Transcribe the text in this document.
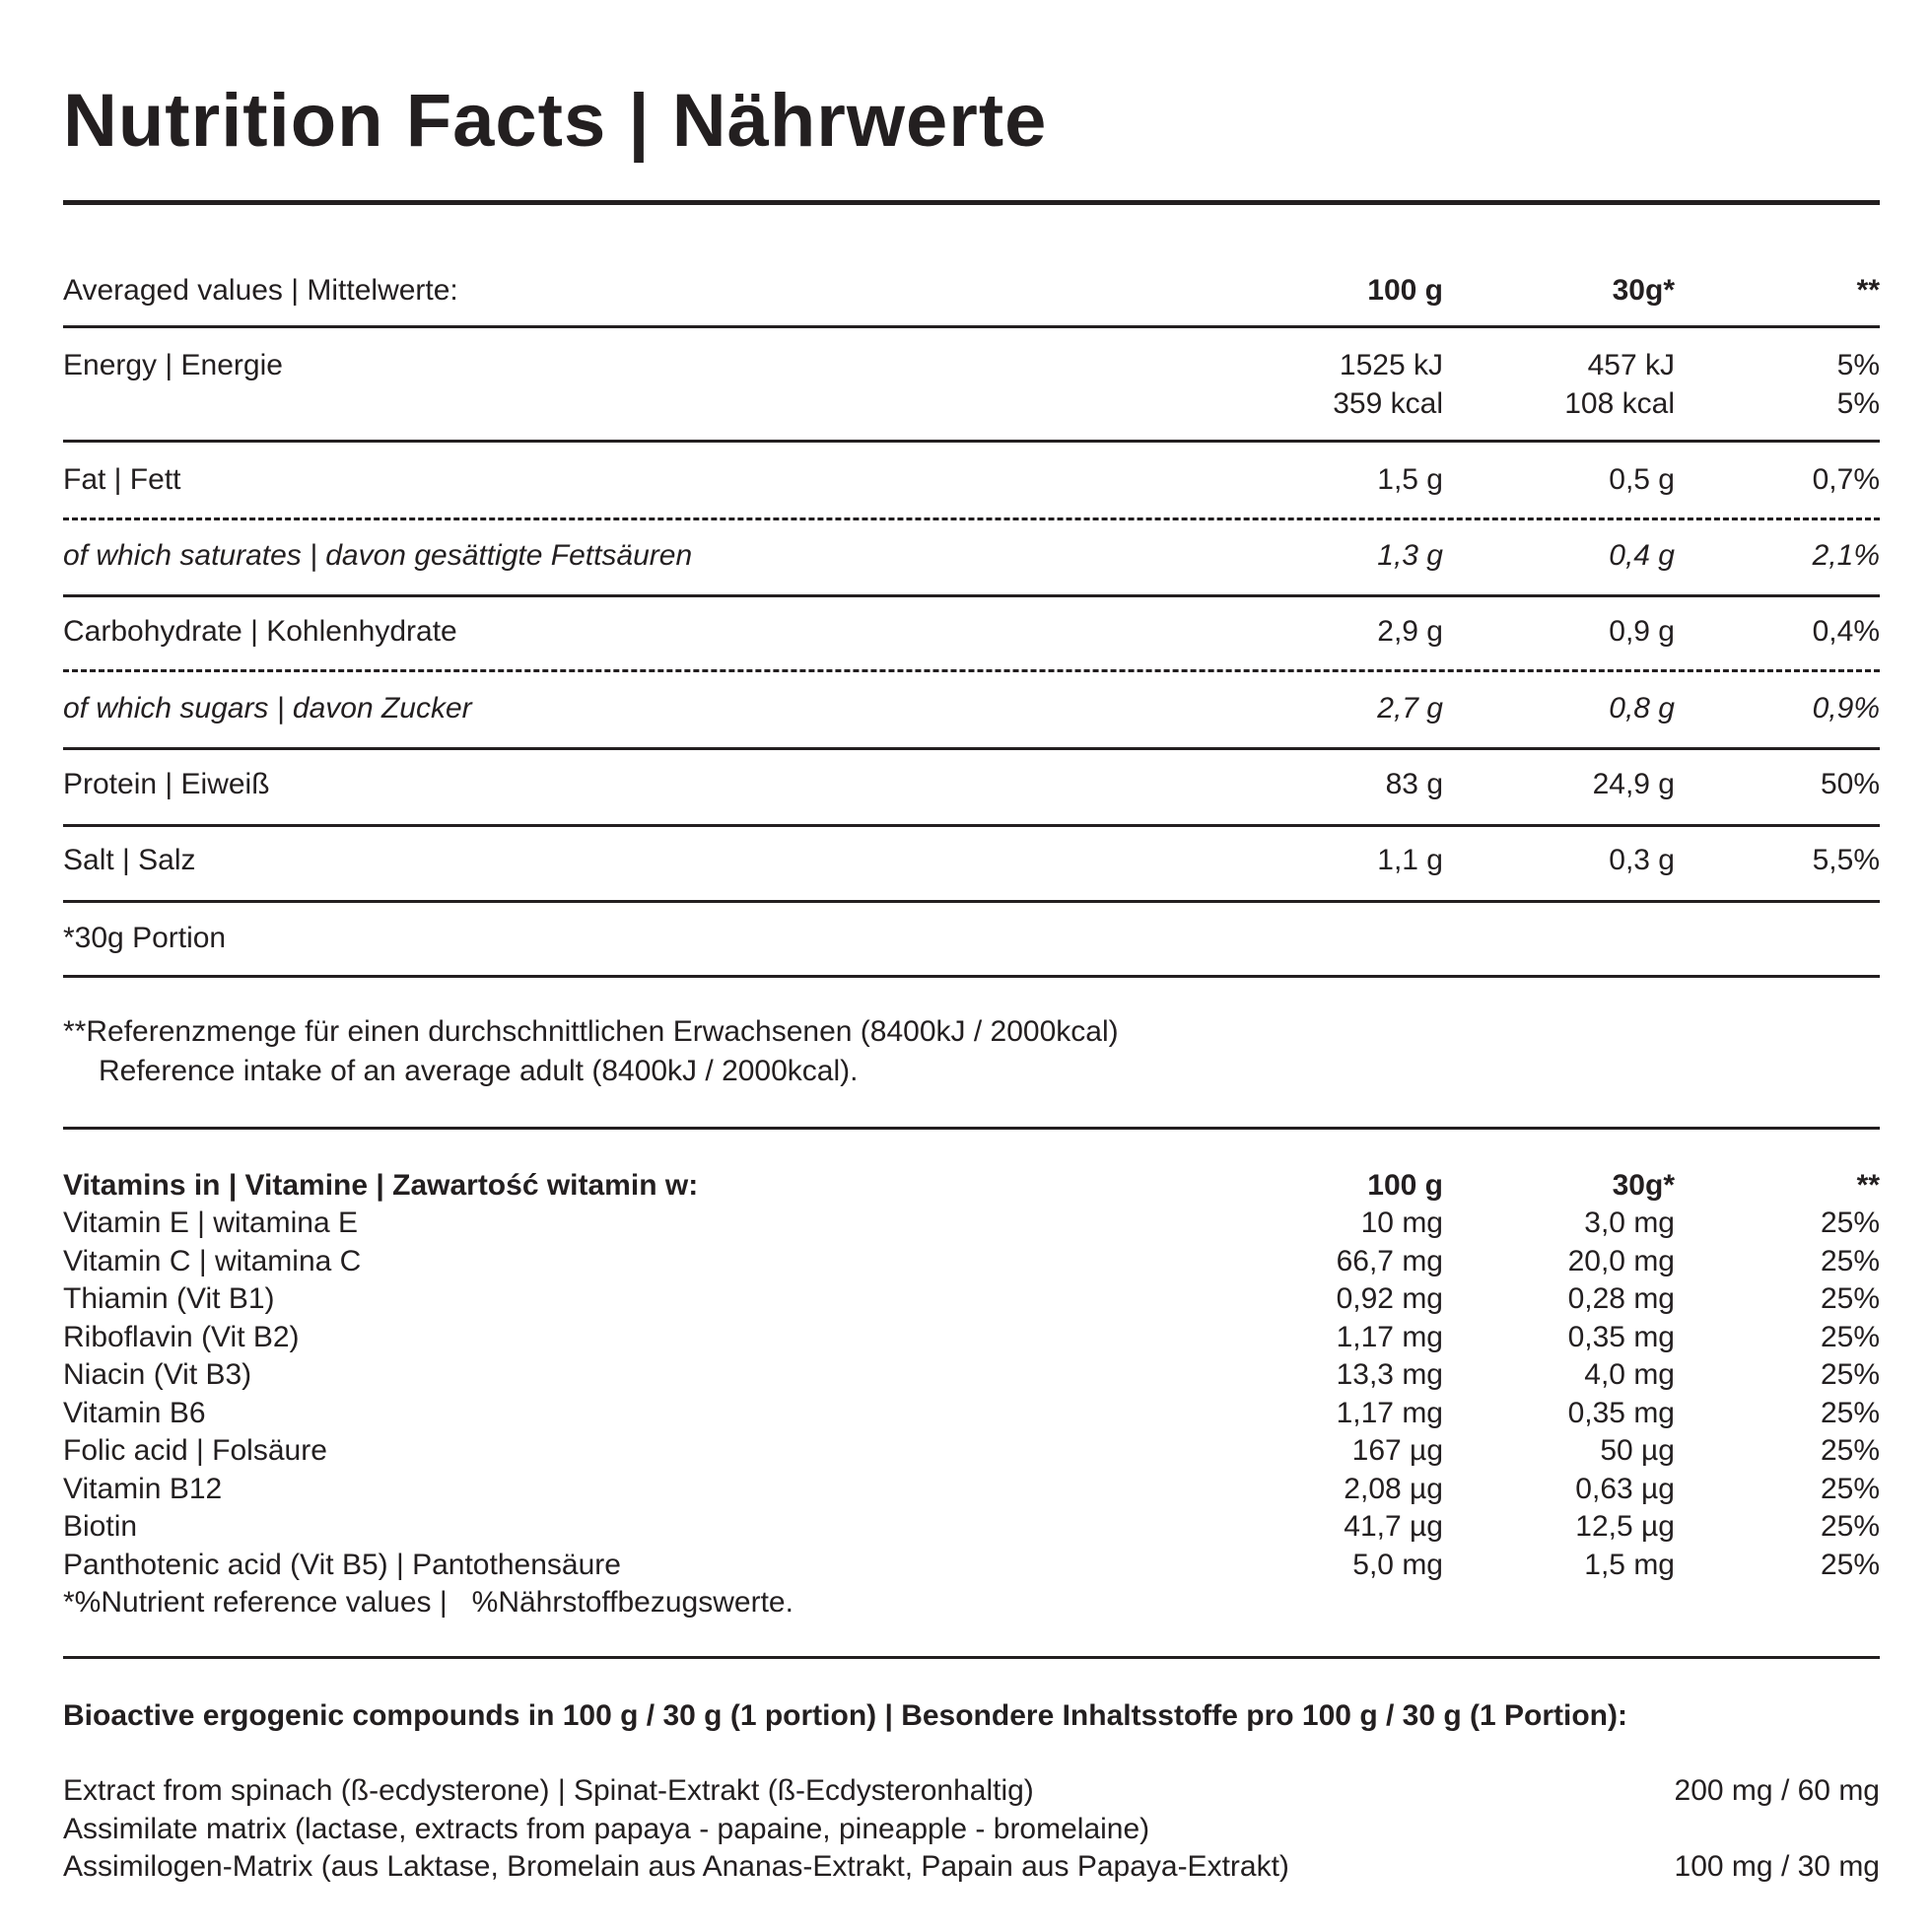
Nutrition Facts | Nährwerte
Averaged values | Mittelwerte:	100 g	30g*	**
Energy | Energie	1525 kJ	457 kJ	5%
359 kcal	108 kcal	5%
Fat | Fett	1,5 g	0,5 g	0,7%
of which saturates | davon gesättigte Fettsäuren	1,3 g	0,4 g	2,1%
Carbohydrate | Kohlenhydrate	2,9 g	0,9 g	0,4%
of which sugars | davon Zucker	2,7 g	0,8 g	0,9%
Protein | Eiweiß	83 g	24,9 g	50%
Salt | Salz	1,1 g	0,3 g	5,5%
*30g Portion
**Referenzmenge für einen durchschnittlichen Erwachsenen (8400kJ / 2000kcal)
Reference intake of an average adult (8400kJ / 2000kcal).
Vitamins in | Vitamine | Zawartość witamin w:	100 g	30g*	**
Vitamin E | witamina E	10 mg	3,0 mg	25%
Vitamin C | witamina C	66,7 mg	20,0 mg	25%
Thiamin (Vit B1)	0,92 mg	0,28 mg	25%
Riboflavin (Vit B2)	1,17 mg	0,35 mg	25%
Niacin (Vit B3)	13,3 mg	4,0 mg	25%
Vitamin B6	1,17 mg	0,35 mg	25%
Folic acid | Folsäure	167 µg	50 µg	25%
Vitamin B12	2,08 µg	0,63 µg	25%
Biotin	41,7 µg	12,5 µg	25%
Panthotenic acid (Vit B5) | Pantothensäure	5,0 mg	1,5 mg	25%
*%Nutrient reference values |   %Nährstoffbezugswerte.
Bioactive ergogenic compounds in 100 g / 30 g (1 portion) | Besondere Inhaltsstoffe pro 100 g / 30 g (1 Portion):
Extract from spinach (ß-ecdysterone) | Spinat-Extrakt (ß-Ecdysteronhaltig)	200 mg / 60 mg
Assimilate matrix (lactase, extracts from papaya - papaine, pineapple - bromelaine)
Assimilogen-Matrix (aus Laktase, Bromelain aus Ananas-Extrakt, Papain aus Papaya-Extrakt)	100 mg / 30 mg
